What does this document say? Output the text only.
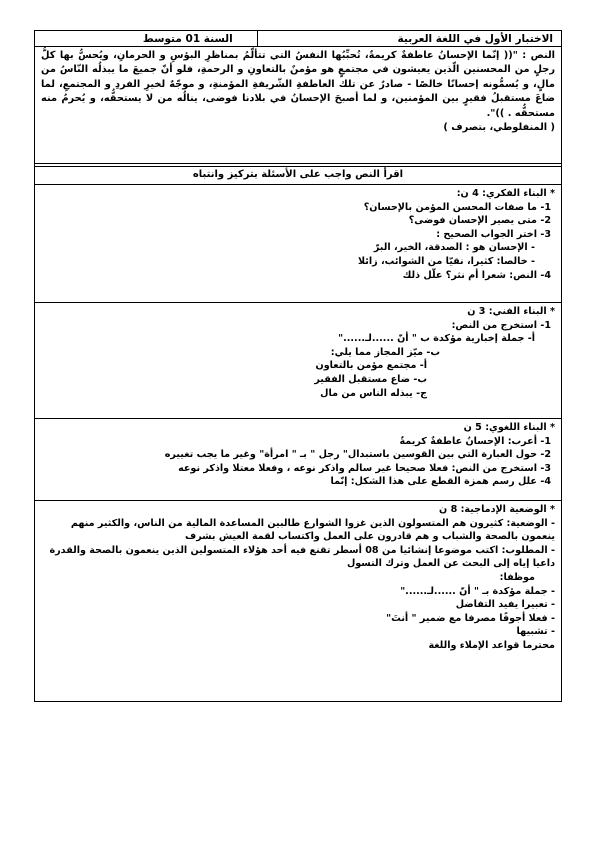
الاختبار الأول في اللغة العربية	السنة 01 متوسط

النص : "(( إنّما الإحسانُ عاطفةٌ كريمةٌ، تُحبِّبُها النفسُ التي تتألّمُ بمناظرِ البؤسِ و الحرمانِ، ويُحسُّ بها كلُّ رجلٍ من المحسنين الّذين يعيشون في مجتمعٍ هو مؤمنٌ بالتعاونِ و الرحمةِ، فلو أنّ جميعَ ما يبذلُه النّاسُ من مالٍ، و يُسمُّونه إحسانًا خالصًا - صادرٌ عن تلك العاطفةِ الشّريفةِ المؤمنةِ، و موجّهٌ لخيرِ الفردِ و المجتمعِ، لما ضاعَ مستقبلُ فقيرٍ بين المؤمنين، و لما أصبحَ الإحسانُ في بلادنا فوضى، ينالُه من لا يستحقُّه، و يُحرمُ منه مستحقُّه . ))".

( المنفلوطي، بتصرف )

اقرأ النص واجب على الأسئلة بتركيز وانتباه

* البناء الفكري: 4 ن:

1- ما صفات المحسن المؤمن بالإحسان؟

2- متى يصير الإحسان فوضى؟

3- اختر الجواب الصحيح :

- الإحسان هو : الصدقة، الخير، البرّ

- خالصا: كثيرا، نقيّا من الشوائب، زائلا

4- النص: شعرا أم نثر؟ علّل ذلك

* البناء الفني: 3 ن

1- استخرج من النص:

أ- جملة إخبارية مؤكدة ب " أنّ ......لـ......"

ب- ميّز المجاز مما يلي:

أ- مجتمع مؤمن بالتعاون

ب- ضاع مستقبل الفقير

ج- يبذله الناس من مال

* البناء اللغوي: 5 ن

1- أعرب: الإحسانُ عاطفةٌ كريمةٌ

2- حول العبارة التي بين القوسين باستبدال" رجل " بـ " امرأة" وغير ما يجب تغييره

3- استخرج من النص: فعلا صحيحا غير سالم واذكر نوعه ، وفعلا معتلا واذكر نوعه

4- علل رسم همزة القطع على هذا الشكل: إنّما

* الوضعية الإدماجية: 8 ن

- الوضعية: كثيرون هم المتسولون الذين غزوا الشوارع طالبين المساعدة المالية من الناس، والكثير منهم ينعمون بالصحة والشباب و هم قادرون على العمل واكتساب لقمة العيش بشرف

- المطلوب: اكتب موضوعا إنشائيا من 08 أسطر تقنع فيه أحد هؤلاء المتسولين الذين ينعمون بالصحة والقدرة داعيا إياه إلى البحث عن العمل وترك التسول

موظفا:

- جملة مؤكدة بـ " أنّ ......لـ......"

- تعبيرا يفيد التفاضل

- فعلا أجوفًا مصرفا مع ضمير " أنتَ"

- تشبيها

محترما قواعد الإملاء واللغة
